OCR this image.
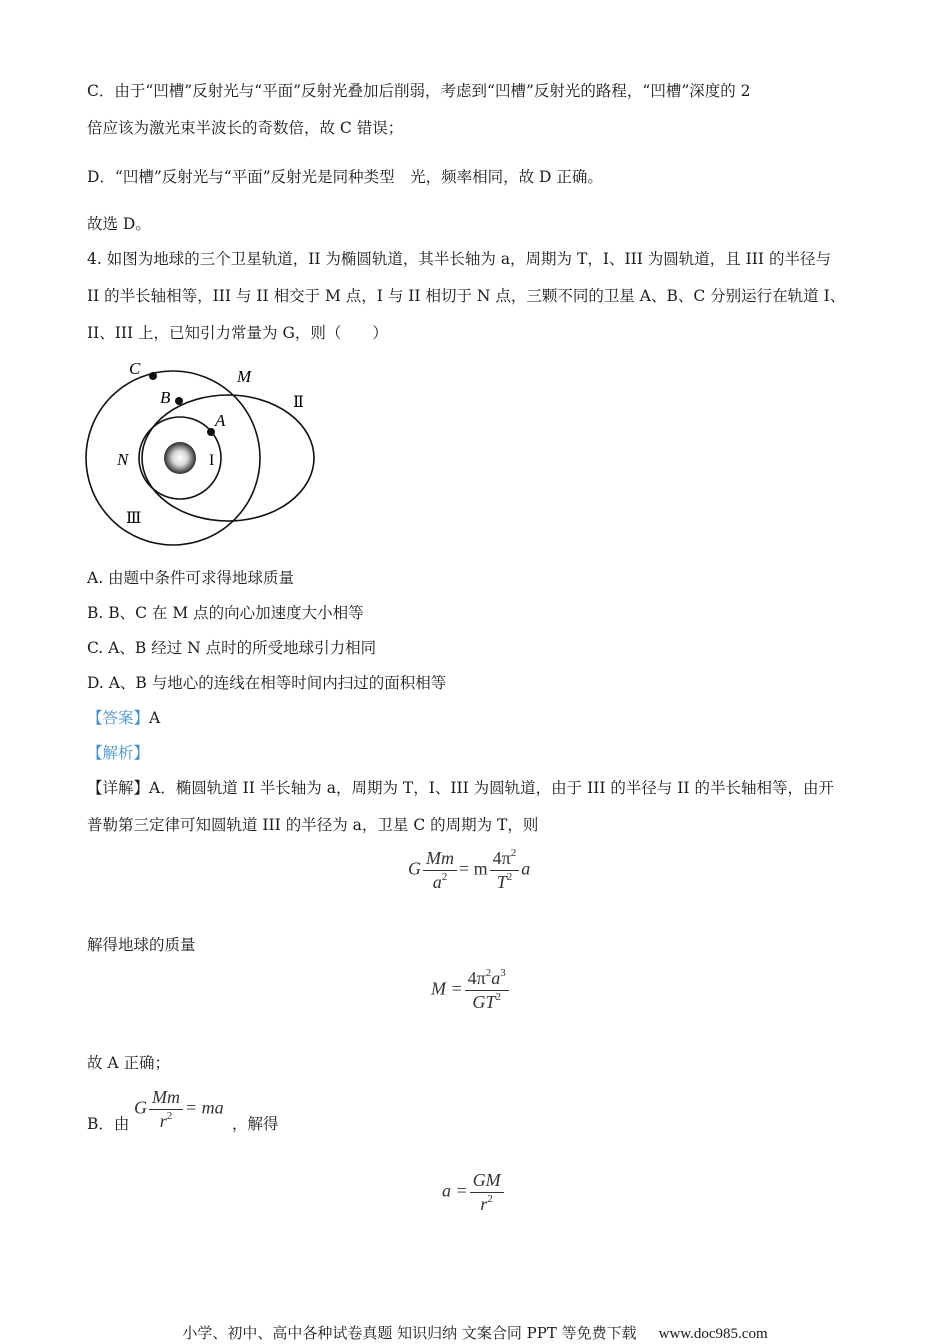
C．由于“凹槽”反射光与“平面”反射光叠加后削弱，考虑到“凹槽”反射光的路程，“凹槽”深度的 2
倍应该为激光束半波长的奇数倍，故 C 错误；
D．“凹槽”反射光与“平面”反射光是同种类型　光，频率相同，故 D 正确。
故选 D。
4. 如图为地球的三个卫星轨道，II 为椭圆轨道，其半长轴为 a，周期为 T，I、III 为圆轨道，且 III 的半径与
II 的半长轴相等，III 与 II 相交于 M 点，I 与 II 相切于 N 点，三颗不同的卫星 A、B、C 分别运行在轨道 I、
II、III 上，已知引力常量为 G，则（　　）
C	M
B	Ⅱ
A
N	I
Ⅲ
A. 由题中条件可求得地球质量
B. B、C 在 M 点的向心加速度大小相等
C. A、B 经过 N 点时的所受地球引力相同
D. A、B 与地心的连线在相等时间内扫过的面积相等
【答案】A
【解析】
【详解】A．椭圆轨道 II 半长轴为 a，周期为 T，I、III 为圆轨道，由于 III 的半径与 II 的半长轴相等，由开
普勒第三定律可知圆轨道 III 的半径为 a，卫星 C 的周期为 T，则
G $\frac{Mm}{a^2} = m \frac{4\pi^2}{T^2}$ a
解得地球的质量
$M = \frac{4\pi^2a^3}{GT^2}$
故 A 正确；
B．由
G $\frac{Mm}{r^2}$ = ma
，解得
$a = \frac{GM}{r^2}$
小学、初中、高中各种试卷真题 知识归纳 文案合同 PPT 等免费下载 www.doc985.com
